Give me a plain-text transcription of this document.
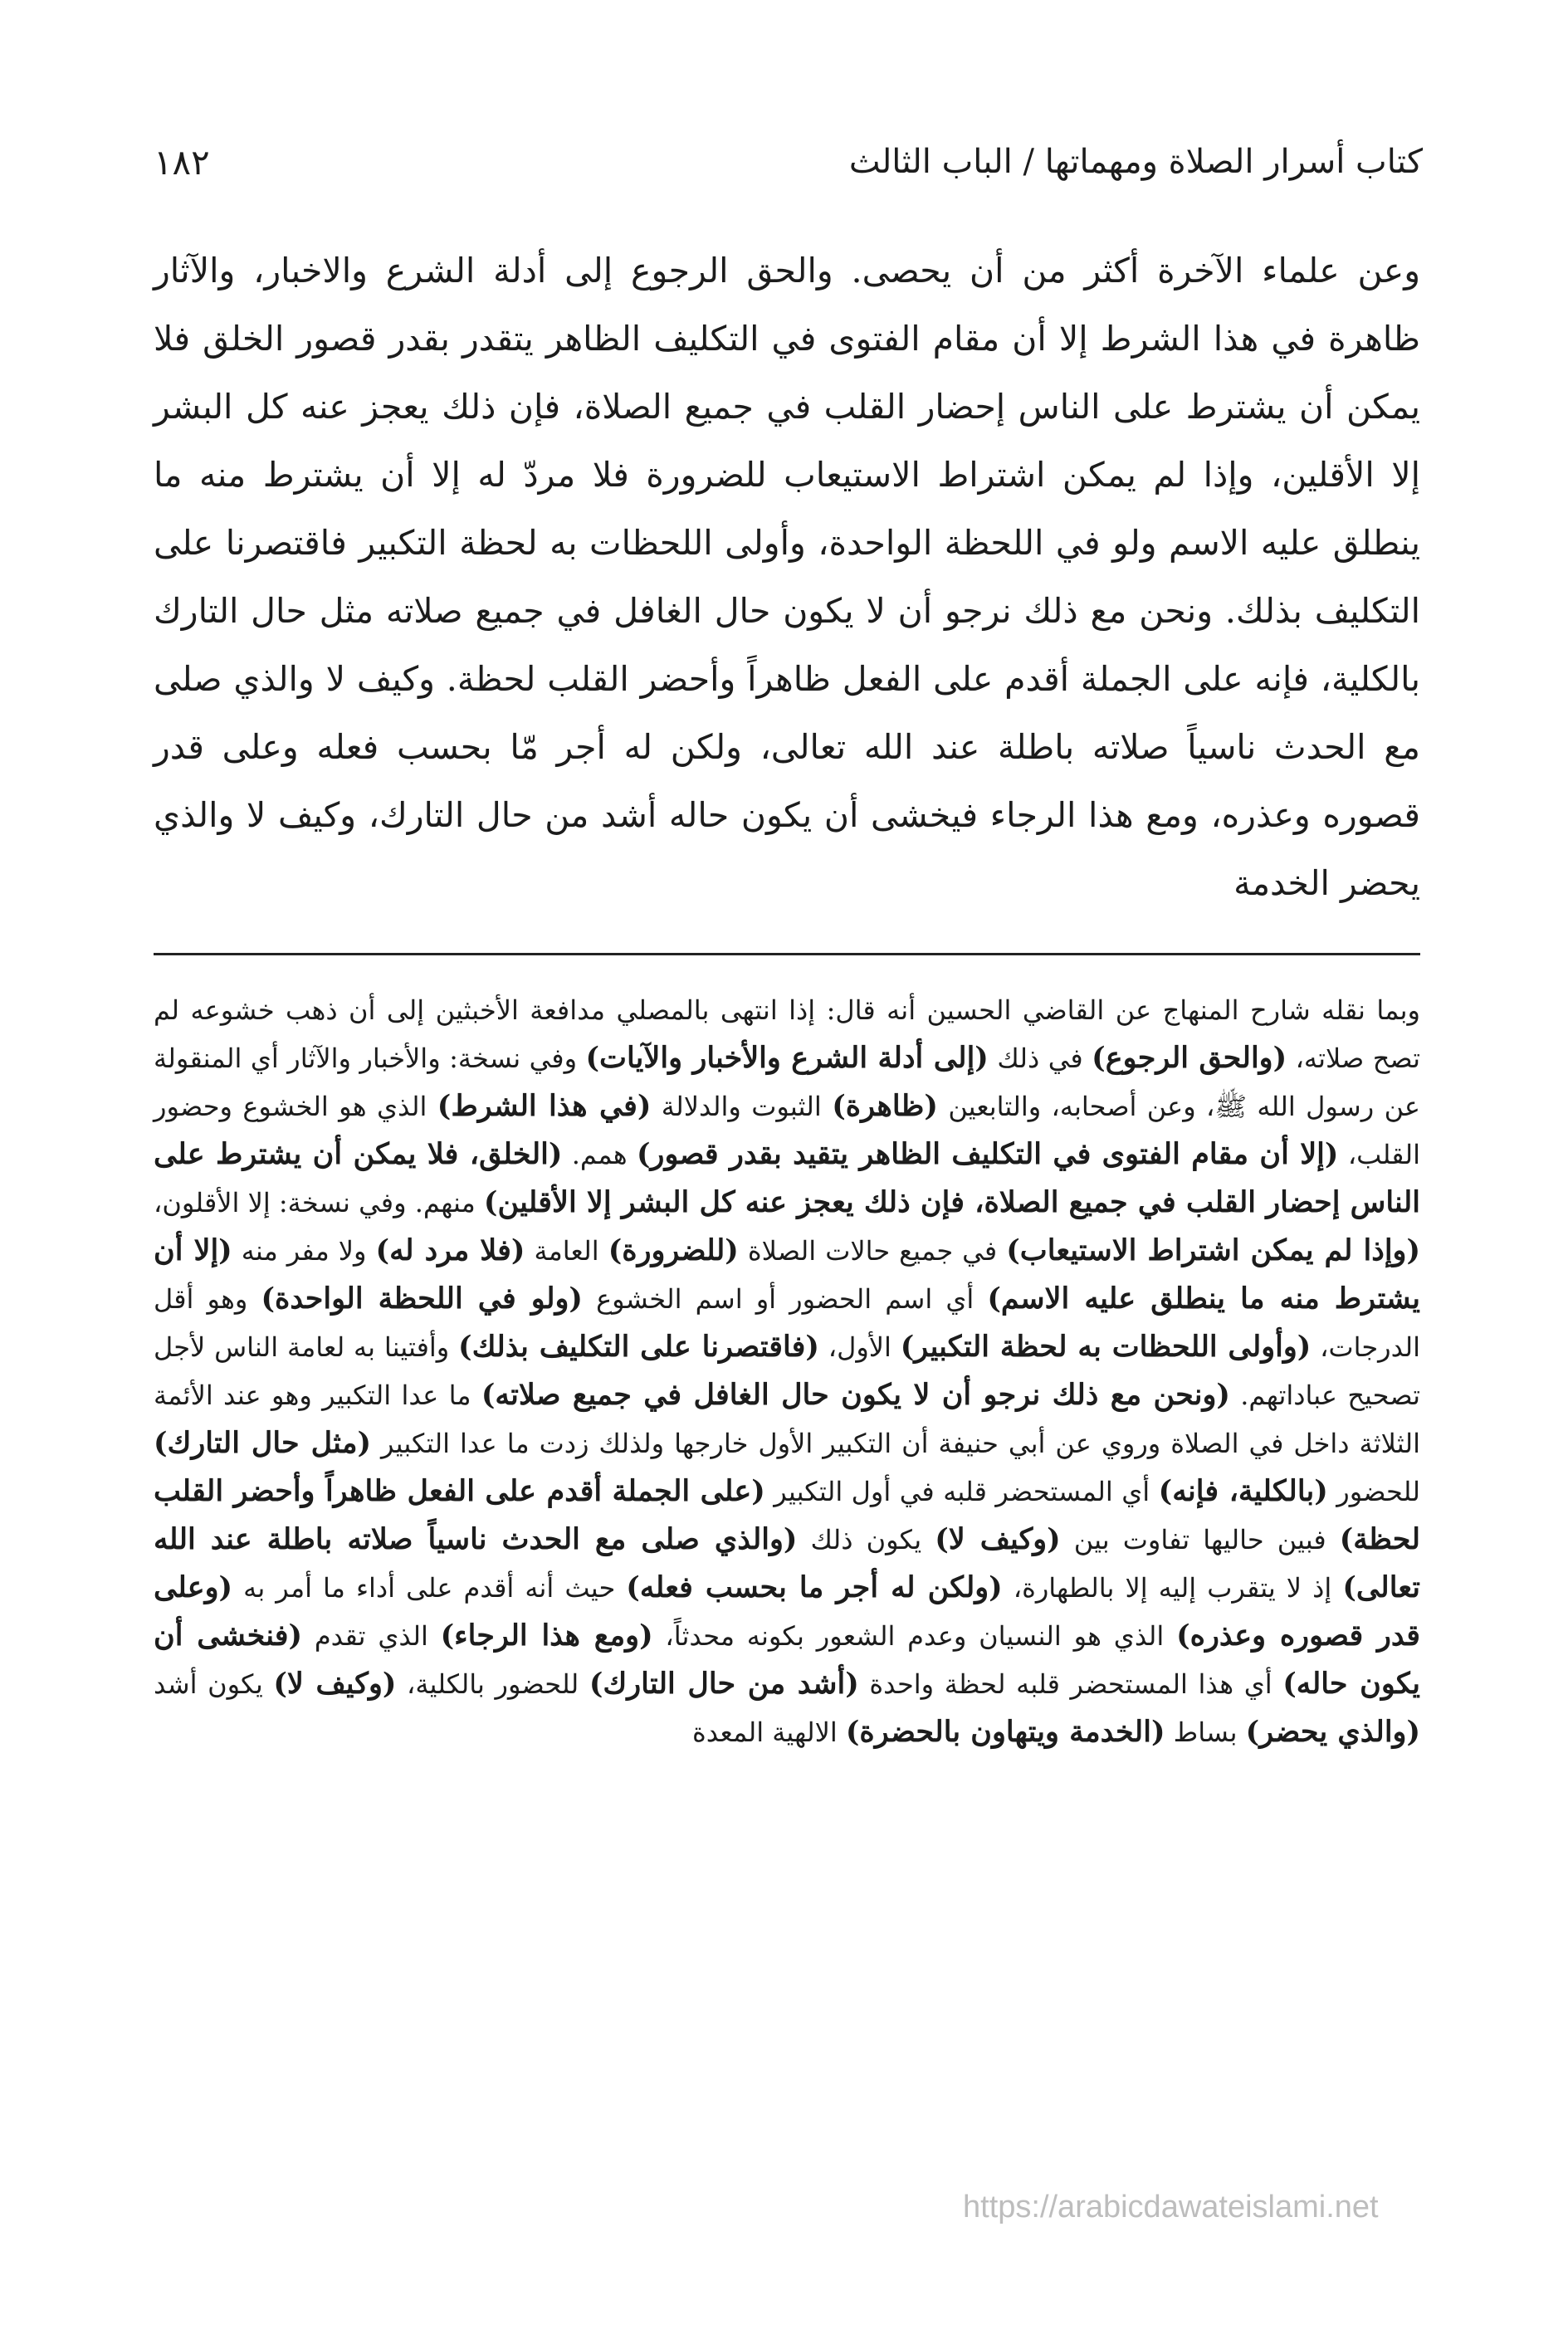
كتاب أسرار الصلاة ومهماتها / الباب الثالث
١٨٢

وعن علماء الآخرة أكثر من أن يحصى. والحق الرجوع إلى أدلة الشرع والاخبار، والآثار ظاهرة في هذا الشرط إلا أن مقام الفتوى في التكليف الظاهر يتقدر بقدر قصور الخلق فلا يمكن أن يشترط على الناس إحضار القلب في جميع الصلاة، فإن ذلك يعجز عنه كل البشر إلا الأقلين، وإذا لم يمكن اشتراط الاستيعاب للضرورة فلا مردّ له إلا أن يشترط منه ما ينطلق عليه الاسم ولو في اللحظة الواحدة، وأولى اللحظات به لحظة التكبير فاقتصرنا على التكليف بذلك. ونحن مع ذلك نرجو أن لا يكون حال الغافل في جميع صلاته مثل حال التارك بالكلية، فإنه على الجملة أقدم على الفعل ظاهراً وأحضر القلب لحظة. وكيف لا والذي صلى مع الحدث ناسياً صلاته باطلة عند الله تعالى، ولكن له أجر مّا بحسب فعله وعلى قدر قصوره وعذره، ومع هذا الرجاء فيخشى أن يكون حاله أشد من حال التارك، وكيف لا والذي يحضر الخدمة

وبما نقله شارح المنهاج عن القاضي الحسين أنه قال: إذا انتهى بالمصلي مدافعة الأخبثين إلى أن ذهب خشوعه لم تصح صلاته، (والحق الرجوع) في ذلك (إلى أدلة الشرع والأخبار والآيات) وفي نسخة: والأخبار والآثار أي المنقولة عن رسول الله ﷺ، وعن أصحابه، والتابعين (ظاهرة) الثبوت والدلالة (في هذا الشرط) الذي هو الخشوع وحضور القلب، (إلا أن مقام الفتوى في التكليف الظاهر يتقيد بقدر قصور) همم. (الخلق، فلا يمكن أن يشترط على الناس إحضار القلب في جميع الصلاة، فإن ذلك يعجز عنه كل البشر إلا الأقلين) منهم. وفي نسخة: إلا الأقلون، (وإذا لم يمكن اشتراط الاستيعاب) في جميع حالات الصلاة (للضرورة) العامة (فلا مرد له) ولا مفر منه (إلا أن يشترط منه ما ينطلق عليه الاسم) أي اسم الحضور أو اسم الخشوع (ولو في اللحظة الواحدة) وهو أقل الدرجات، (وأولى اللحظات به لحظة التكبير) الأول، (فاقتصرنا على التكليف بذلك) وأفتينا به لعامة الناس لأجل تصحيح عباداتهم. (ونحن مع ذلك نرجو أن لا يكون حال الغافل في جميع صلاته) ما عدا التكبير وهو عند الأئمة الثلاثة داخل في الصلاة وروي عن أبي حنيفة أن التكبير الأول خارجها ولذلك زدت ما عدا التكبير (مثل حال التارك) للحضور (بالكلية، فإنه) أي المستحضر قلبه في أول التكبير (على الجملة أقدم على الفعل ظاهراً وأحضر القلب لحظة) فبين حاليها تفاوت بين (وكيف لا) يكون ذلك (والذي صلى مع الحدث ناسياً صلاته باطلة عند الله تعالى) إذ لا يتقرب إليه إلا بالطهارة، (ولكن له أجر ما بحسب فعله) حيث أنه أقدم على أداء ما أمر به (وعلى قدر قصوره وعذره) الذي هو النسيان وعدم الشعور بكونه محدثاً، (ومع هذا الرجاء) الذي تقدم (فنخشى أن يكون حاله) أي هذا المستحضر قلبه لحظة واحدة (أشد من حال التارك) للحضور بالكلية، (وكيف لا) يكون أشد (والذي يحضر) بساط (الخدمة ويتهاون بالحضرة) الالهية المعدة

https://arabicdawateislami.net
